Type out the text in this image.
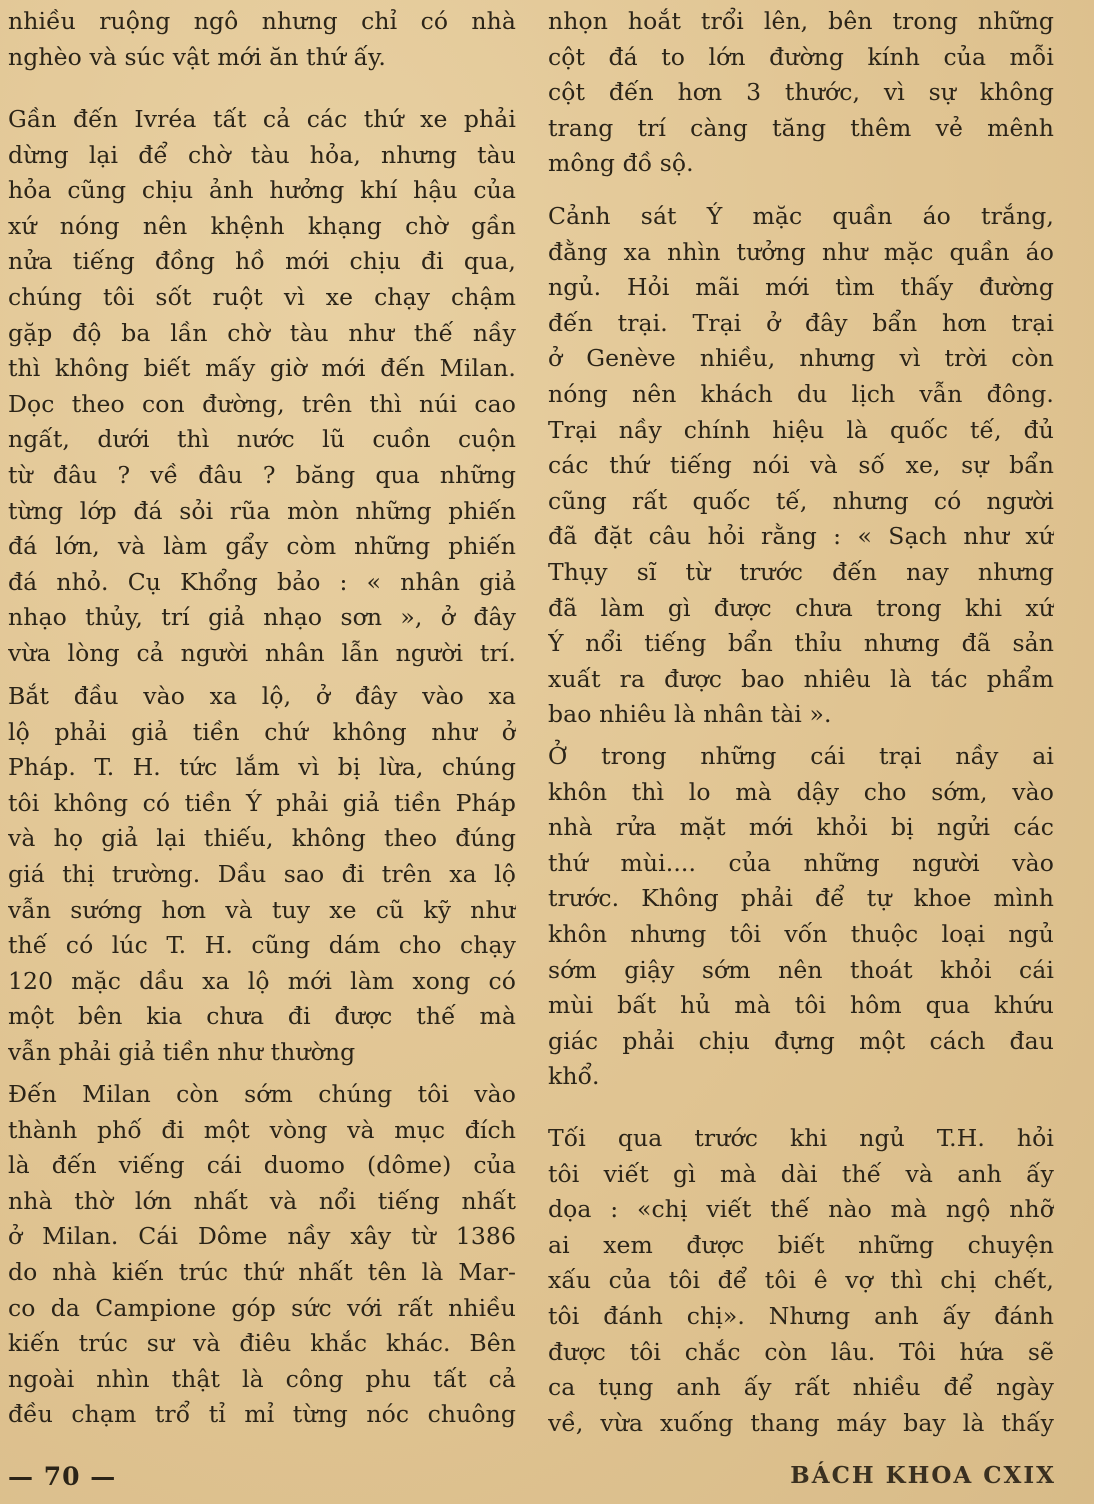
nhiều ruộng ngô nhưng chỉ có nhà
nghèo và súc vật mới ăn thứ ấy.
Gần đến Ivréa tất cả các thứ xe phải
dừng lại để chờ tàu hỏa, nhưng tàu
hỏa cũng chịu ảnh hưởng khí hậu của
xứ nóng nên khệnh khạng chờ gần
nửa tiếng đồng hồ mới chịu đi qua,
chúng tôi sốt ruột vì xe chạy chậm
gặp độ ba lần chờ tàu như thế nầy
thì không biết mấy giờ mới đến Milan.
Dọc theo con đường, trên thì núi cao
ngất, dưới thì nước lũ cuồn cuộn
từ đâu ? về đâu ? băng qua những
từng lớp đá sỏi rũa mòn những phiến
đá lớn, và làm gẩy còm những phiến
đá nhỏ. Cụ Khổng bảo : « nhân giả
nhạo thủy, trí giả nhạo sơn », ở đây
vừa lòng cả người nhân lẫn người trí.
Bắt đầu vào xa lộ, ở đây vào xa
lộ phải giả tiền chứ không như ở
Pháp. T. H. tức lắm vì bị lừa, chúng
tôi không có tiền Ý phải giả tiền Pháp
và họ giả lại thiếu, không theo đúng
giá thị trường. Dầu sao đi trên xa lộ
vẫn sướng hơn và tuy xe cũ kỹ như
thế có lúc T. H. cũng dám cho chạy
120 mặc dầu xa lộ mới làm xong có
một bên kia chưa đi được thế mà
vẫn phải giả tiền như thường
Đến Milan còn sớm chúng tôi vào
thành phố đi một vòng và mục đích
là đến viếng cái duomo (dôme) của
nhà thờ lớn nhất và nổi tiếng nhất
ở Milan. Cái Dôme nầy xây từ 1386
do nhà kiến trúc thứ nhất tên là Mar-
co da Campione góp sức với rất nhiều
kiến trúc sư và điêu khắc khác. Bên
ngoài nhìn thật là công phu tất cả
đều chạm trổ tỉ mỉ từng nóc chuông
nhọn hoắt trổi lên, bên trong những
cột đá to lớn đường kính của mỗi
cột đến hơn 3 thước, vì sự không
trang trí càng tăng thêm vẻ mênh
mông đồ sộ.
Cảnh sát Ý mặc quần áo trắng,
đằng xa nhìn tưởng như mặc quần áo
ngủ. Hỏi mãi mới tìm thấy đường
đến trại. Trại ở đây bẩn hơn trại
ở Genève nhiều, nhưng vì trời còn
nóng nên khách du lịch vẫn đông.
Trại nầy chính hiệu là quốc tế, đủ
các thứ tiếng nói và số xe, sự bẩn
cũng rất quốc tế, nhưng có người
đã đặt câu hỏi rằng : « Sạch như xứ
Thụy sĩ từ trước đến nay nhưng
đã làm gì được chưa trong khi xứ
Ý nổi tiếng bẩn thỉu nhưng đã sản
xuất ra được bao nhiêu là tác phẩm
bao nhiêu là nhân tài ».
Ở trong những cái trại nầy ai
khôn thì lo mà dậy cho sớm, vào
nhà rửa mặt mới khỏi bị ngửi các
thứ mùi.... của những người vào
trước. Không phải để tự khoe mình
khôn nhưng tôi vốn thuộc loại ngủ
sớm giậy sớm nên thoát khỏi cái
mùi bất hủ mà tôi hôm qua khứu
giác phải chịu đựng một cách đau
khổ.
Tối qua trước khi ngủ T.H. hỏi
tôi viết gì mà dài thế và anh ấy
dọa : «chị viết thế nào mà ngộ nhỡ
ai xem được biết những chuyện
xấu của tôi để tôi ê vợ thì chị chết,
tôi đánh chị». Nhưng anh ấy đánh
được tôi chắc còn lâu. Tôi hứa sẽ
ca tụng anh ấy rất nhiều để ngày
về, vừa xuống thang máy bay là thấy
— 70 —	BÁCH KHOA CXIX
